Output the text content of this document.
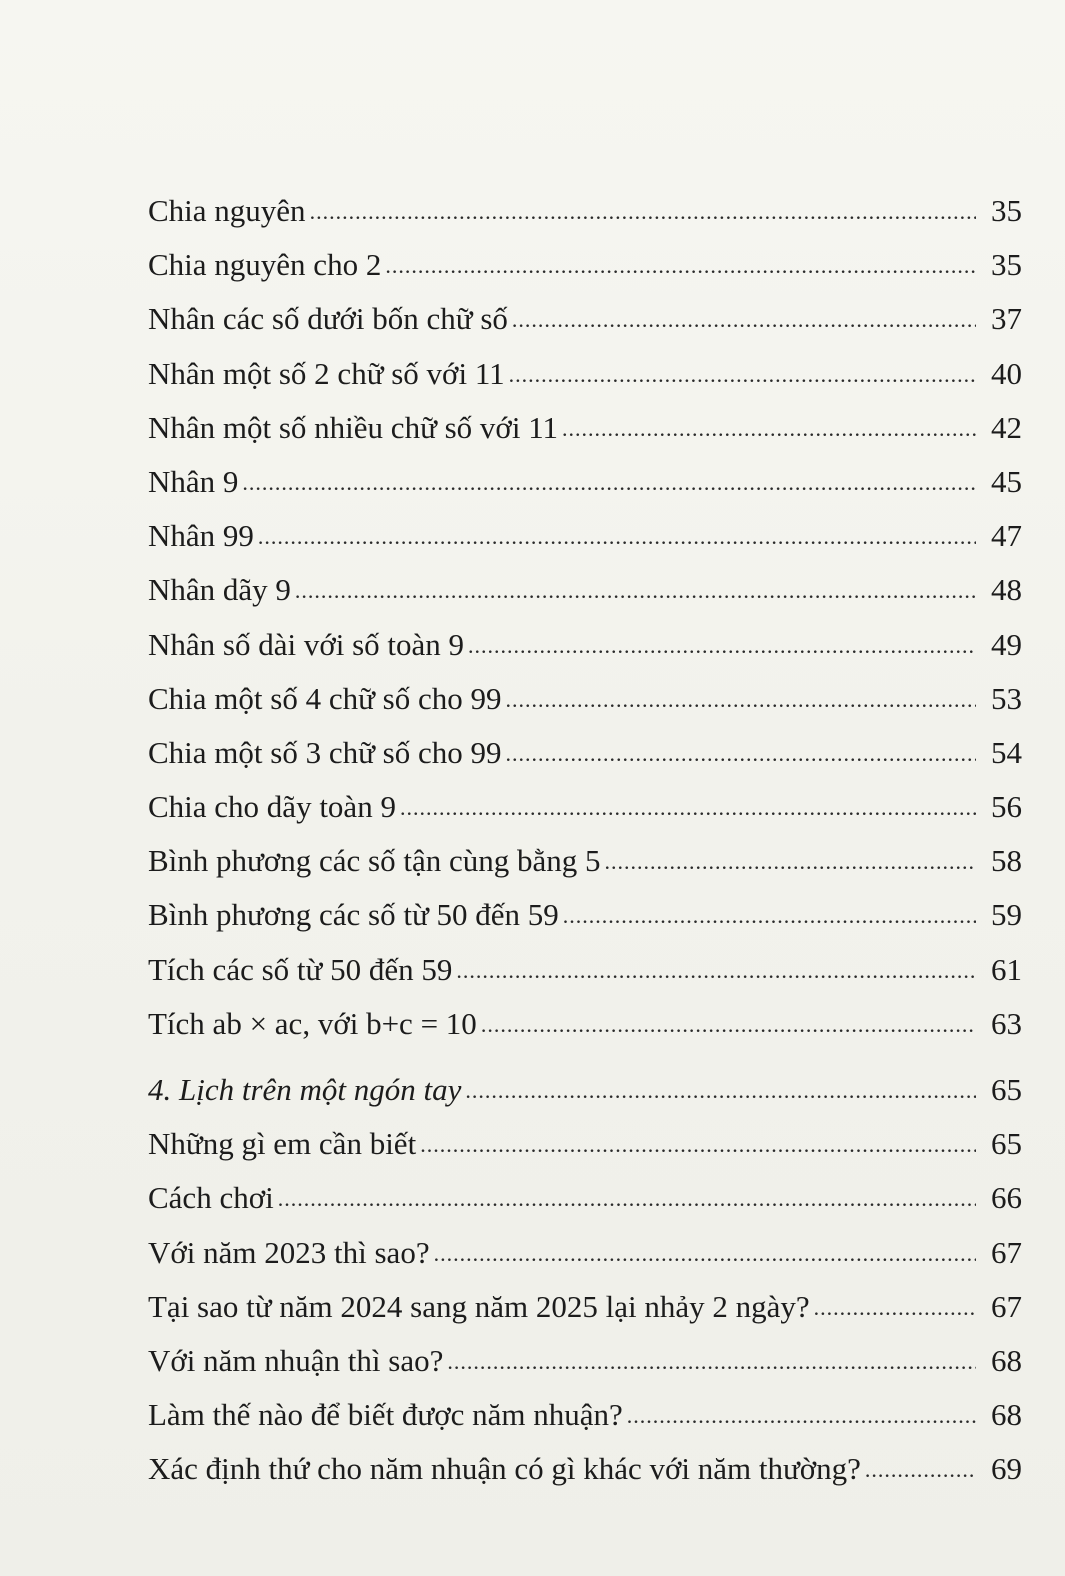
Chia nguyên .....	35
Chia nguyên cho 2 .....	35
Nhân các số dưới bốn chữ số .....	37
Nhân một số 2 chữ số với 11 .....	40
Nhân một số nhiều chữ số với 11 .....	42
Nhân 9 .....	45
Nhân 99 .....	47
Nhân dãy 9 .....	48
Nhân số dài với số toàn 9 .....	49
Chia một số 4 chữ số cho 99 .....	53
Chia một số 3 chữ số cho 99 .....	54
Chia cho dãy toàn 9 .....	56
Bình phương các số tận cùng bằng 5 .....	58
Bình phương các số từ 50 đến 59 .....	59
Tích các số từ 50 đến 59 .....	61
Tích ab × ac, với b+c = 10 .....	63
4. Lịch trên một ngón tay .....	65
Những gì em cần biết .....	65
Cách chơi .....	66
Với năm 2023 thì sao? .....	67
Tại sao từ năm 2024 sang năm 2025 lại nhảy 2 ngày? .....	67
Với năm nhuận thì sao? .....	68
Làm thế nào để biết được năm nhuận? .....	68
Xác định thứ cho năm nhuận có gì khác với năm thường? .....	69
